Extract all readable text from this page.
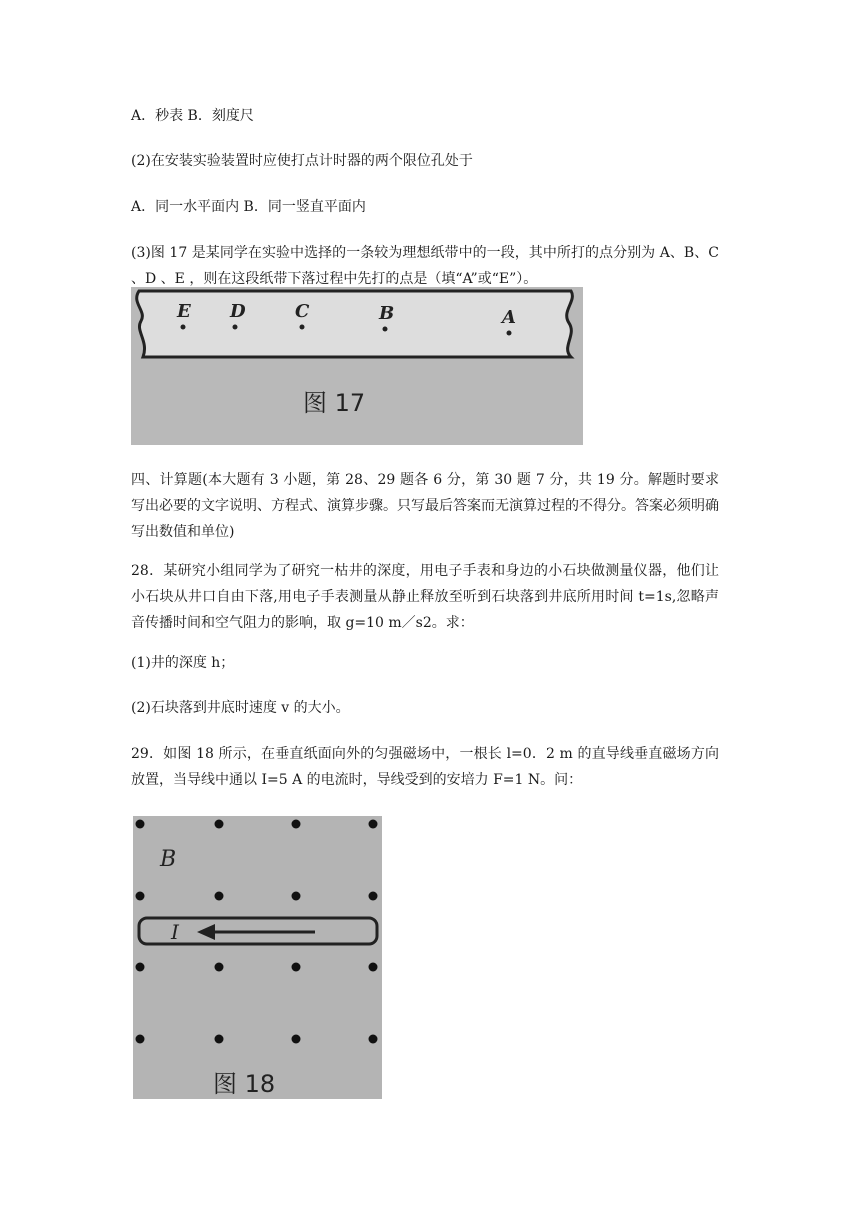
A．秒表 B．刻度尺

(2)在安装实验装置时应使打点计时器的两个限位孔处于

A．同一水平面内 B．同一竖直平面内

(3)图 17 是某同学在实验中选择的一条较为理想纸带中的一段，其中所打的点分别为 A、B、C 、D 、E ，则在这段纸带下落过程中先打的点是（填“A”或“E”）。

E D	C	B	A
图 17

四、计算题(本大题有 3 小题，第 28、29 题各 6 分，第 30 题 7 分，共 19 分。解题时要求写出必要的文字说明、方程式、演算步骤。只写最后答案而无演算过程的不得分。答案必须明确写出数值和单位)

28．某研究小组同学为了研究一枯井的深度，用电子手表和身边的小石块做测量仪器，他们让小石块从井口自由下落,用电子手表测量从静止释放至听到石块落到井底所用时间 t=1s,忽略声音传播时间和空气阻力的影响，取 g=10 m／s2。求：

(1)井的深度 h；

(2)石块落到井底时速度 v 的大小。

29．如图 18 所示，在垂直纸面向外的匀强磁场中，一根长 l=0．2 m 的直导线垂直磁场方向放置，当导线中通以 I=5 A 的电流时，导线受到的安培力 F=1 N。问：

B
I
图 18
